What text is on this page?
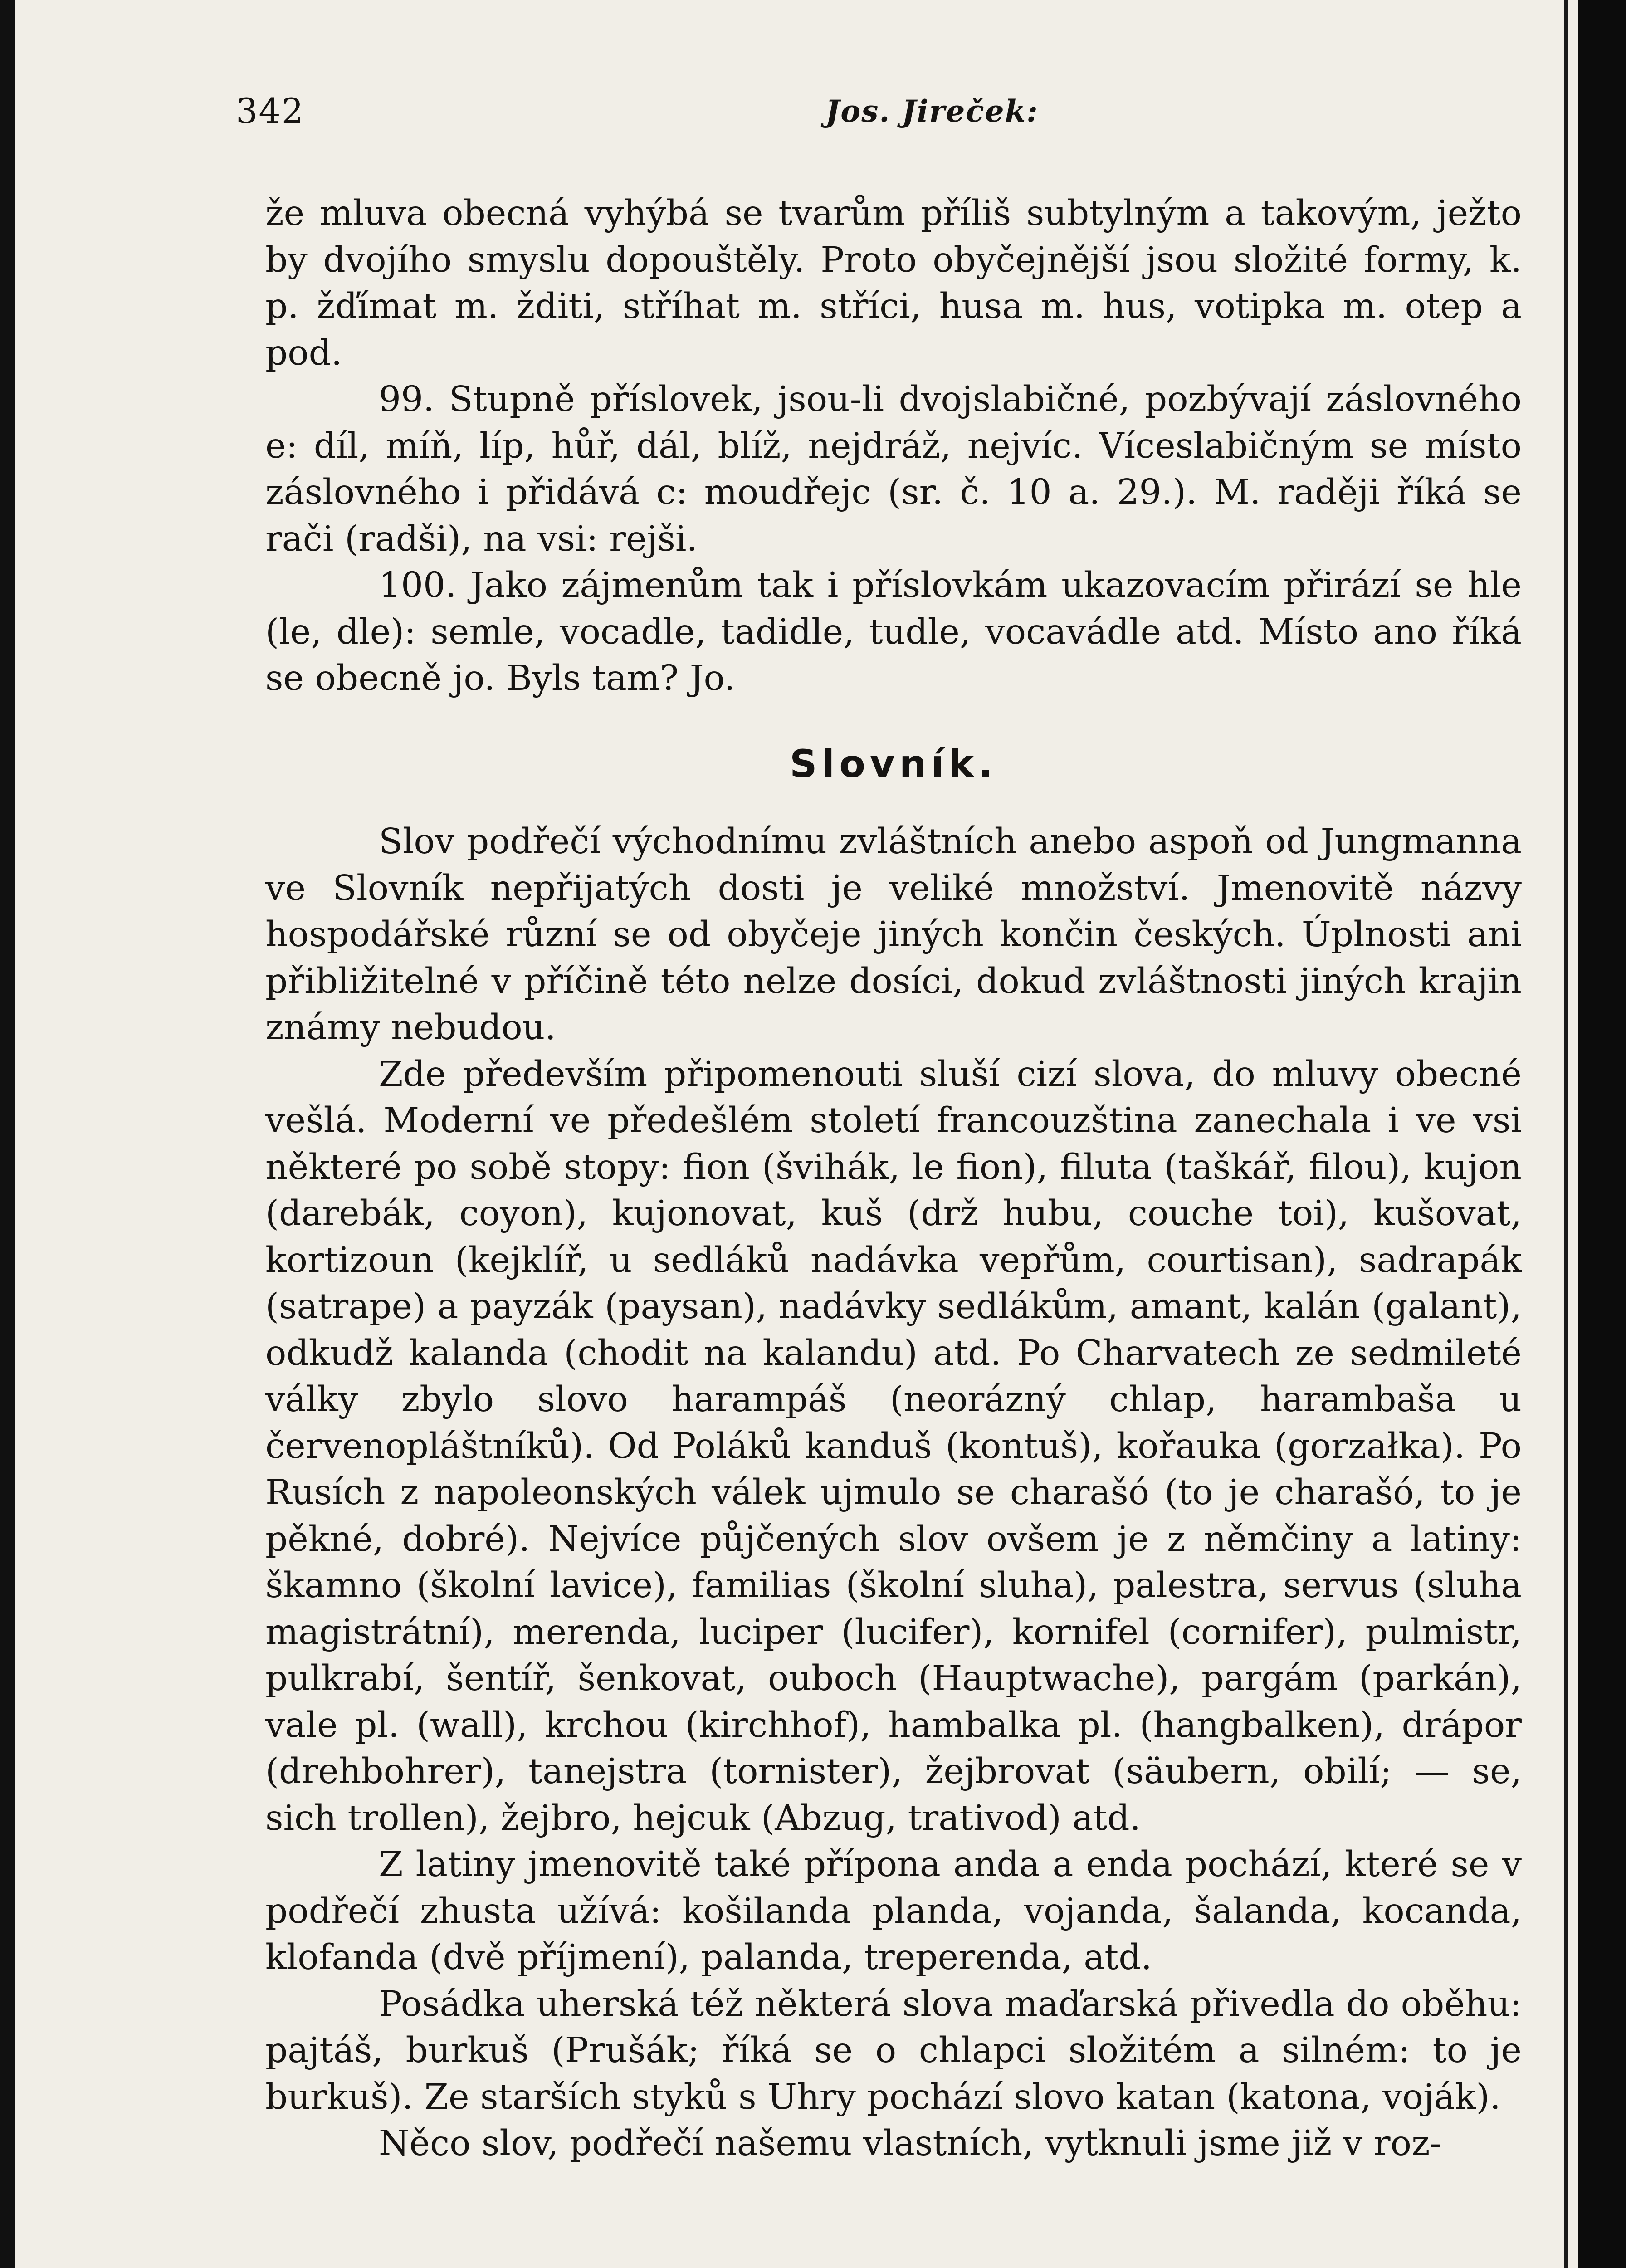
342	Jos. Jireček:

že mluva obecná vyhýbá se tvarům příliš subtylným a takovým, ježto by dvojího smyslu dopouštěly. Proto obyčejnější jsou složité formy, k. p. žďímat m. žditi, stříhat m. stříci, husa m. hus, votipka m. otep a pod.

99. Stupně příslovek, jsou-li dvojslabičné, pozbývají záslovného e: díl, míň, líp, hůř, dál, blíž, nejdráž, nejvíc. Víceslabičným se místo záslovného i přidává c: moudřejc (sr. č. 10 a. 29.). M. raději říká se rači (radši), na vsi: rejši.

100. Jako zájmenům tak i příslovkám ukazovacím přirází se hle (le, dle): semle, vocadle, tadidle, tudle, vocavádle atd. Místo ano říká se obecně jo. Byls tam? Jo.

Slovník.

Slov podřečí východnímu zvláštních anebo aspoň od Jungmanna ve Slovník nepřijatých dosti je veliké množství. Jmenovitě názvy hospodářské různí se od obyčeje jiných končin českých. Úplnosti ani přibližitelné v příčině této nelze dosíci, dokud zvláštnosti jiných krajin známy nebudou.

Zde především připomenouti sluší cizí slova, do mluvy obecné vešlá. Moderní ve předešlém století francouzština zanechala i ve vsi některé po sobě stopy: fion (švihák, le fion), filuta (taškář, filou), kujon (darebák, coyon), kujonovat, kuš (drž hubu, couche toi), kušovat, kortizoun (kejklíř, u sedláků nadávka vepřům, courtisan), sadrapák (satrape) a payzák (paysan), nadávky sedlákům, amant, kalán (galant), odkudž kalanda (chodit na kalandu) atd. Po Charvatech ze sedmileté války zbylo slovo harampáš (neorázný chlap, harambaša u červenopláštníků). Od Poláků kanduš (kontuš), kořauka (gorzałka). Po Rusích z napoleonských válek ujmulo se charašó (to je charašó, to je pěkné, dobré). Nejvíce půjčených slov ovšem je z němčiny a latiny: škamno (školní lavice), familias (školní sluha), palestra, servus (sluha magistrátní), merenda, luciper (lucifer), kornifel (cornifer), pulmistr, pulkrabí, šentíř, šenkovat, ouboch (Hauptwache), pargám (parkán), vale pl. (wall), krchou (kirchhof), hambalka pl. (hangbalken), drápor (drehbohrer), tanejstra (tornister), žejbrovat (säubern, obilí; — se, sich trollen), žejbro, hejcuk (Abzug, trativod) atd.

Z latiny jmenovitě také přípona anda a enda pochází, které se v podřečí zhusta užívá: košilanda planda, vojanda, šalanda, kocanda, klofanda (dvě příjmení), palanda, treperenda, atd.

Posádka uherská též některá slova maďarská přivedla do oběhu: pajtáš, burkuš (Prušák; říká se o chlapci složitém a silném: to je burkuš). Ze starších styků s Uhry pochází slovo katan (katona, voják).

Něco slov, podřečí našemu vlastních, vytknuli jsme již v roz-
